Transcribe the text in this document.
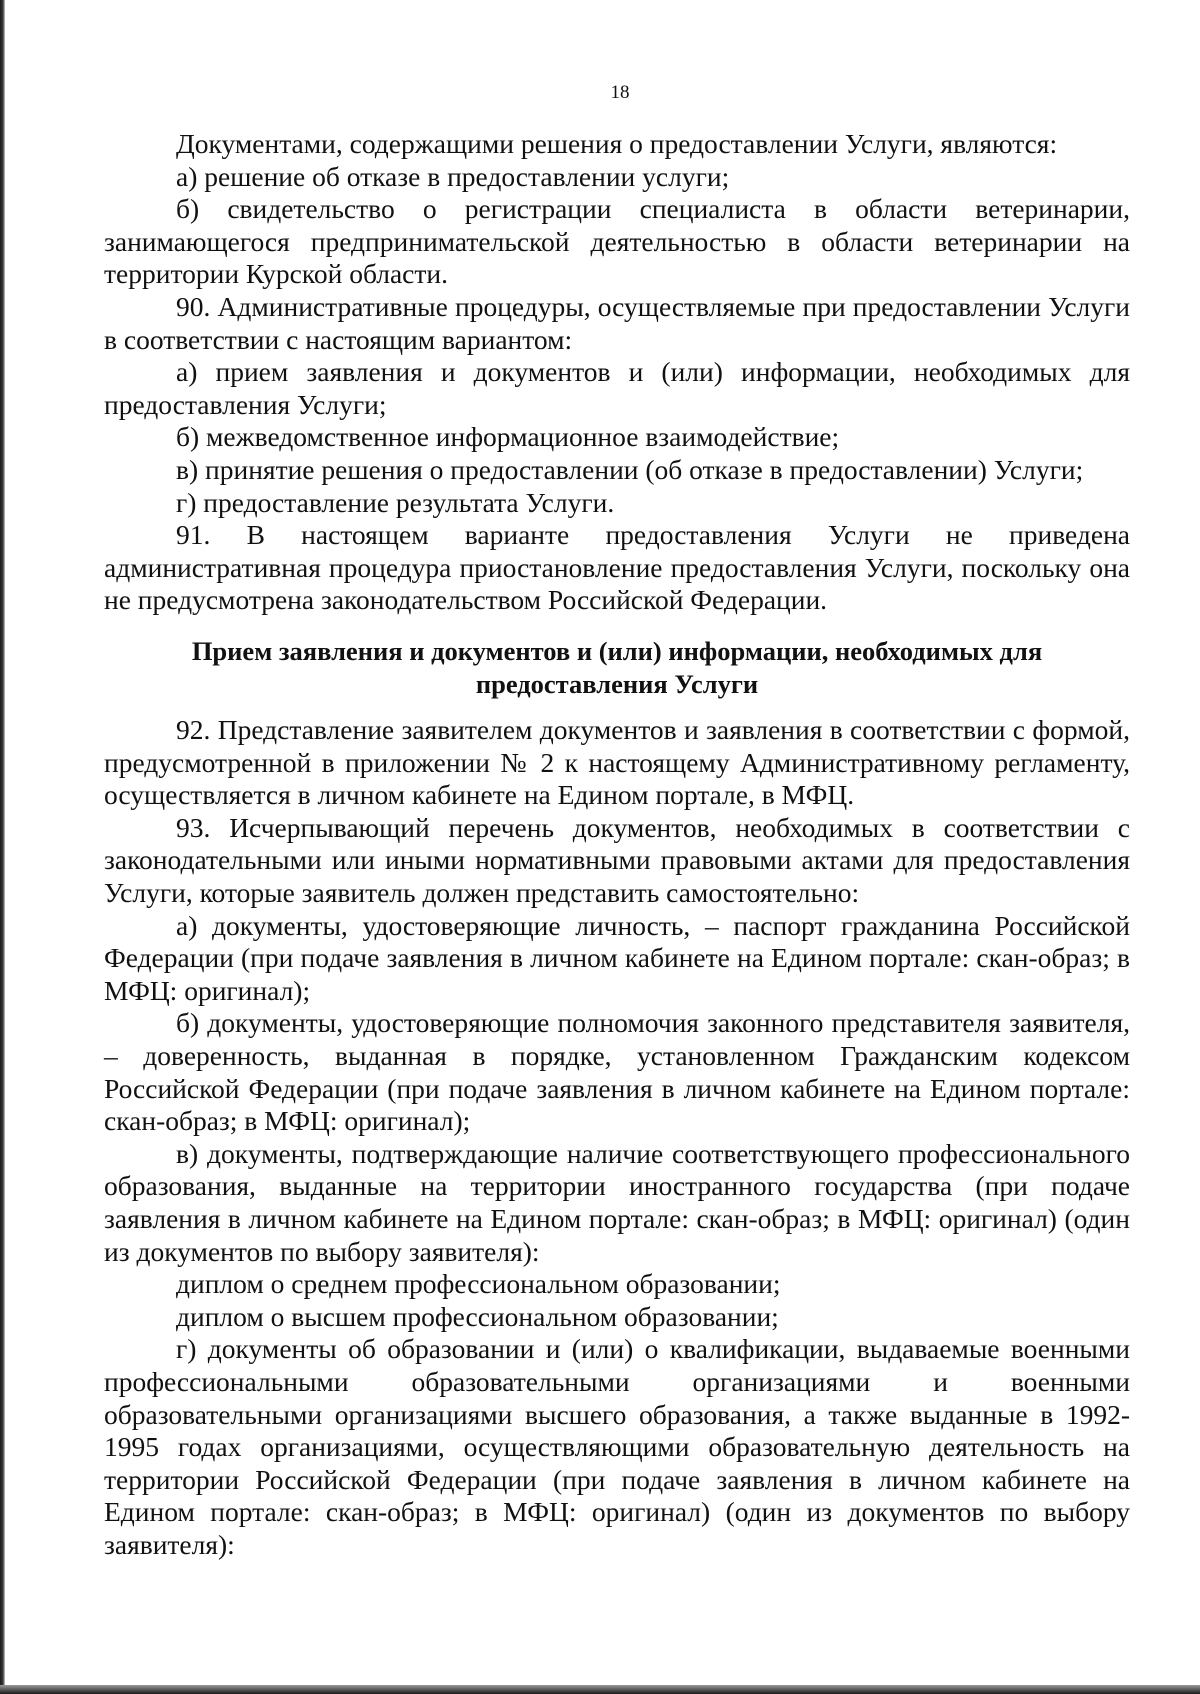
18

Документами, содержащими решения о предоставлении Услуги, являются:

а) решение об отказе в предоставлении услуги;

б) свидетельство о регистрации специалиста в области ветеринарии, занимающегося предпринимательской деятельностью в области ветеринарии на территории Курской области.

90. Административные процедуры, осуществляемые при предоставлении Услуги в соответствии с настоящим вариантом:

а) прием заявления и документов и (или) информации, необходимых для предоставления Услуги;

б) межведомственное информационное взаимодействие;

в) принятие решения о предоставлении (об отказе в предоставлении) Услуги;

г) предоставление результата Услуги.

91. В настоящем варианте предоставления Услуги не приведена административная процедура приостановление предоставления Услуги, поскольку она не предусмотрена законодательством Российской Федерации.

Прием заявления и документов и (или) информации, необходимых для
предоставления Услуги

92. Представление заявителем документов и заявления в соответствии с формой, предусмотренной в приложении № 2 к настоящему Административному регламенту, осуществляется в личном кабинете на Едином портале, в МФЦ.

93. Исчерпывающий перечень документов, необходимых в соответствии с законодательными или иными нормативными правовыми актами для предоставления Услуги, которые заявитель должен представить самостоятельно:

а) документы, удостоверяющие личность, – паспорт гражданина Российской Федерации (при подаче заявления в личном кабинете на Едином портале: скан-образ; в МФЦ: оригинал);

б) документы, удостоверяющие полномочия законного представителя заявителя, – доверенность, выданная в порядке, установленном Гражданским кодексом Российской Федерации (при подаче заявления в личном кабинете на Едином портале: скан-образ; в МФЦ: оригинал);

в) документы, подтверждающие наличие соответствующего профессионального образования, выданные на территории иностранного государства (при подаче заявления в личном кабинете на Едином портале: скан-образ; в МФЦ: оригинал) (один из документов по выбору заявителя):

диплом о среднем профессиональном образовании;

диплом о высшем профессиональном образовании;

г) документы об образовании и (или) о квалификации, выдаваемые военными профессиональными образовательными организациями и военными образовательными организациями высшего образования, а также выданные в 1992-1995 годах организациями, осуществляющими образовательную деятельность на территории Российской Федерации (при подаче заявления в личном кабинете на Едином портале: скан-образ; в МФЦ: оригинал) (один из документов по выбору заявителя):
